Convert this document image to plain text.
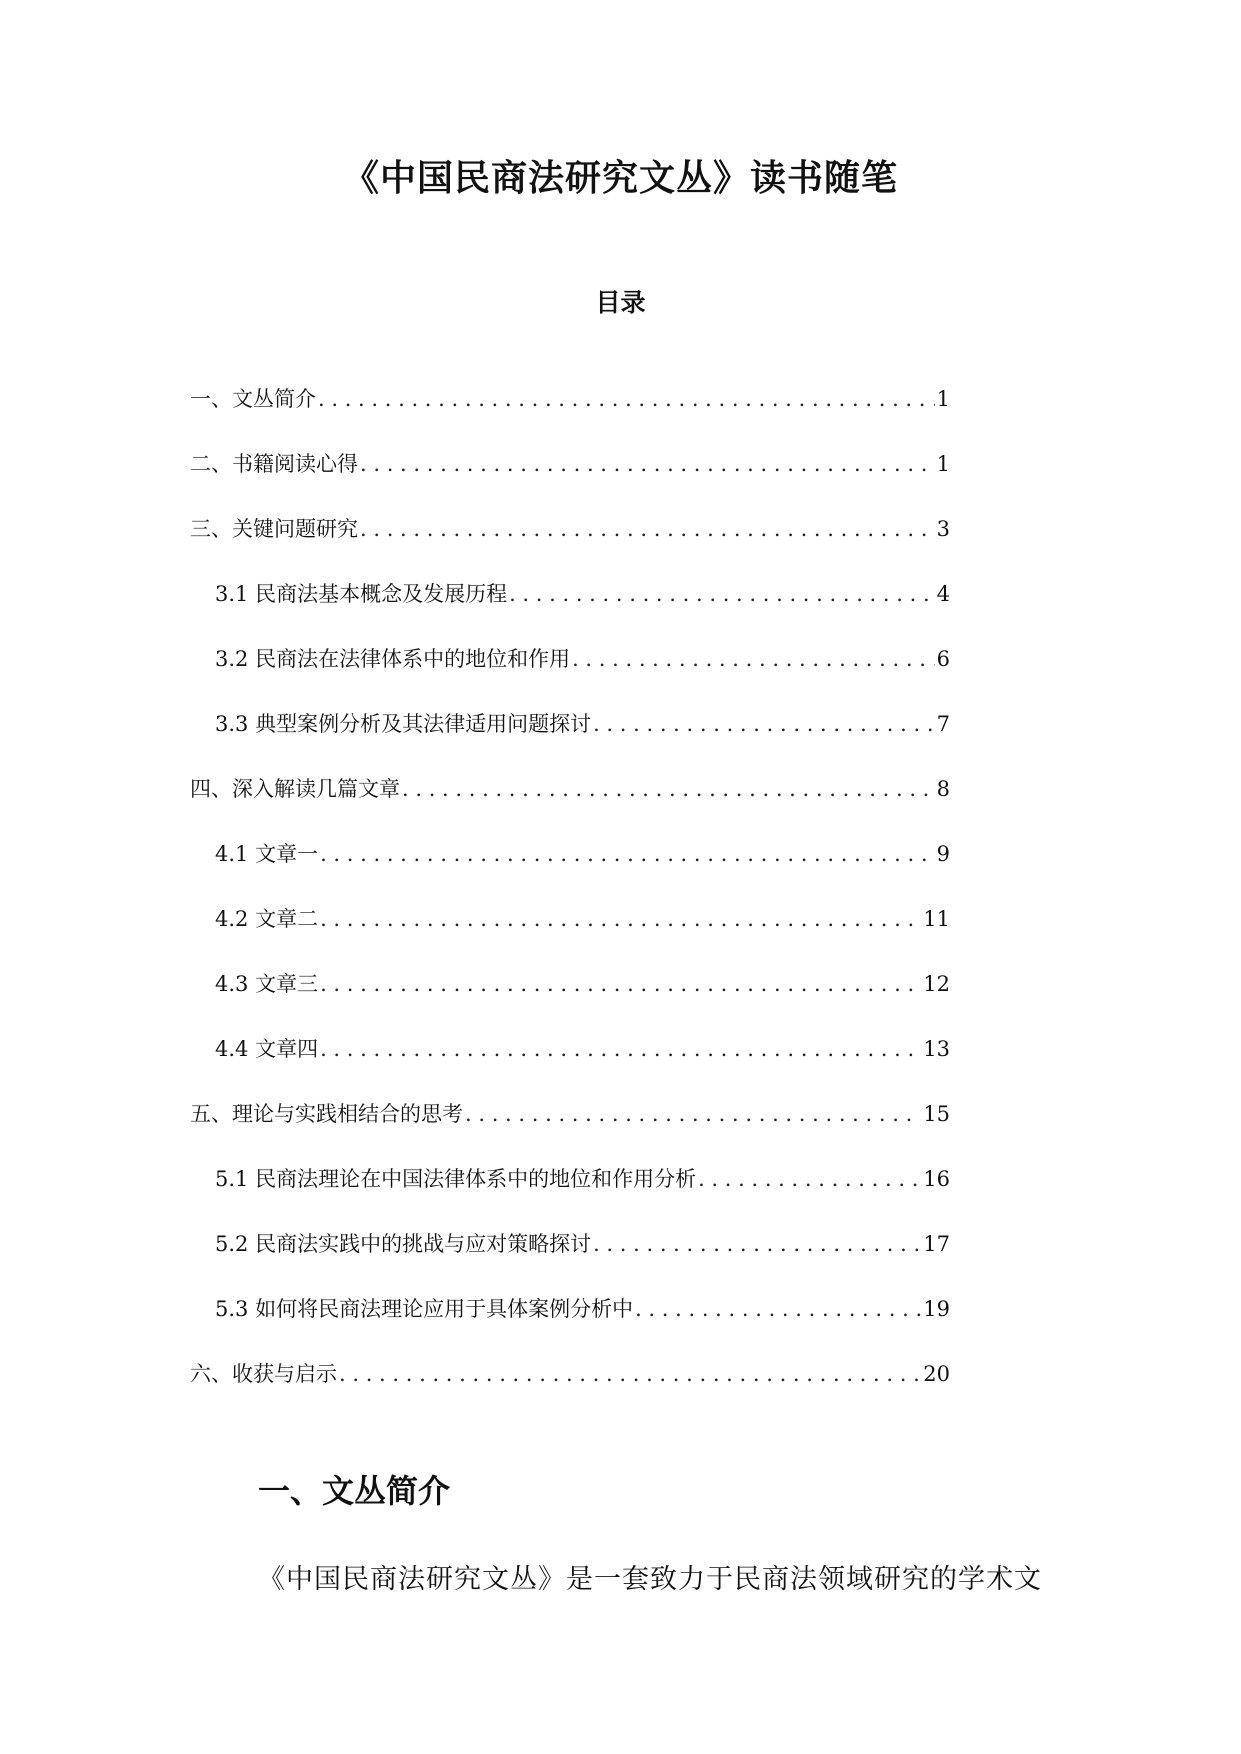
《中国民商法研究文丛》读书随笔
目录
一、文丛简介 . . .	1
二、书籍阅读心得 . . .	1
三、关键问题研究 . . .	3
3.1 民商法基本概念及发展历程 . . .	4
3.2 民商法在法律体系中的地位和作用 . . .	6
3.3 典型案例分析及其法律适用问题探讨 . . .	7
四、深入解读几篇文章 . . .	8
4.1 文章一 . . .	9
4.2 文章二 . . .	11
4.3 文章三 . . .	12
4.4 文章四 . . .	13
五、理论与实践相结合的思考 . . .	15
5.1 民商法理论在中国法律体系中的地位和作用分析 . . .	16
5.2 民商法实践中的挑战与应对策略探讨 . . .	17
5.3 如何将民商法理论应用于具体案例分析中 . . .	19
六、收获与启示 . . .	20
一、文丛简介

《中国民商法研究文丛》是一套致力于民商法领域研究的学术文
